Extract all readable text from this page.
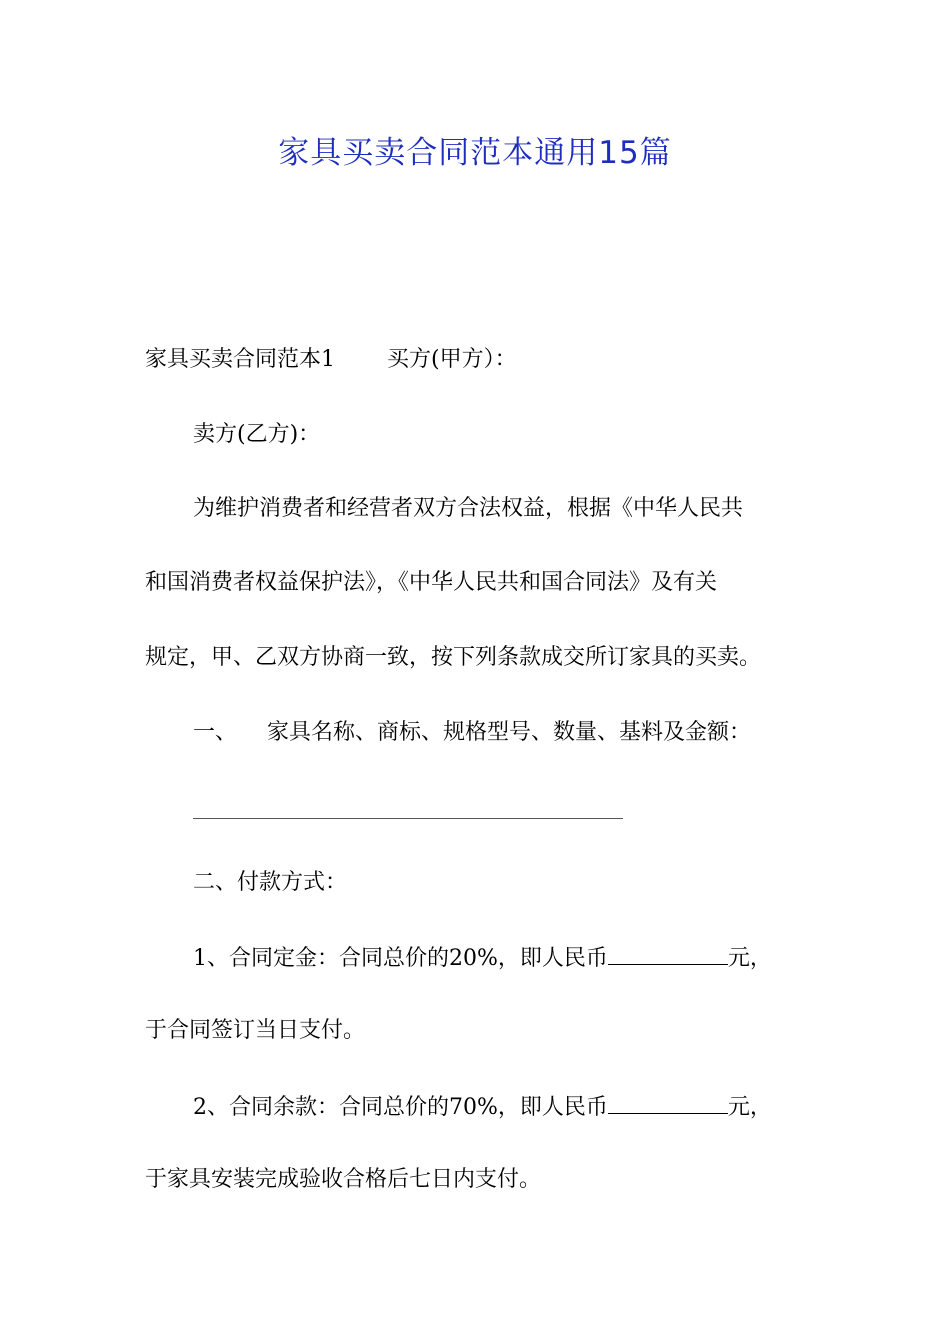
家具买卖合同范本通用15篇
家具买卖合同范本1 买方(甲方）：
卖方(乙方)：
为维护消费者和经营者双方合法权益，根据《中华人民共
和国消费者权益保护法》，《中华人民共和国合同法》及有关
规定，甲、乙双方协商一致，按下列条款成交所订家具的买卖。
一、 家具名称、商标、规格型号、数量、基料及金额：
二、付款方式：
1、合同定金：合同总价的20%，即人民币	元，
于合同签订当日支付。
2、合同余款：合同总价的70%，即人民币	元，
于家具安装完成验收合格后七日内支付。
